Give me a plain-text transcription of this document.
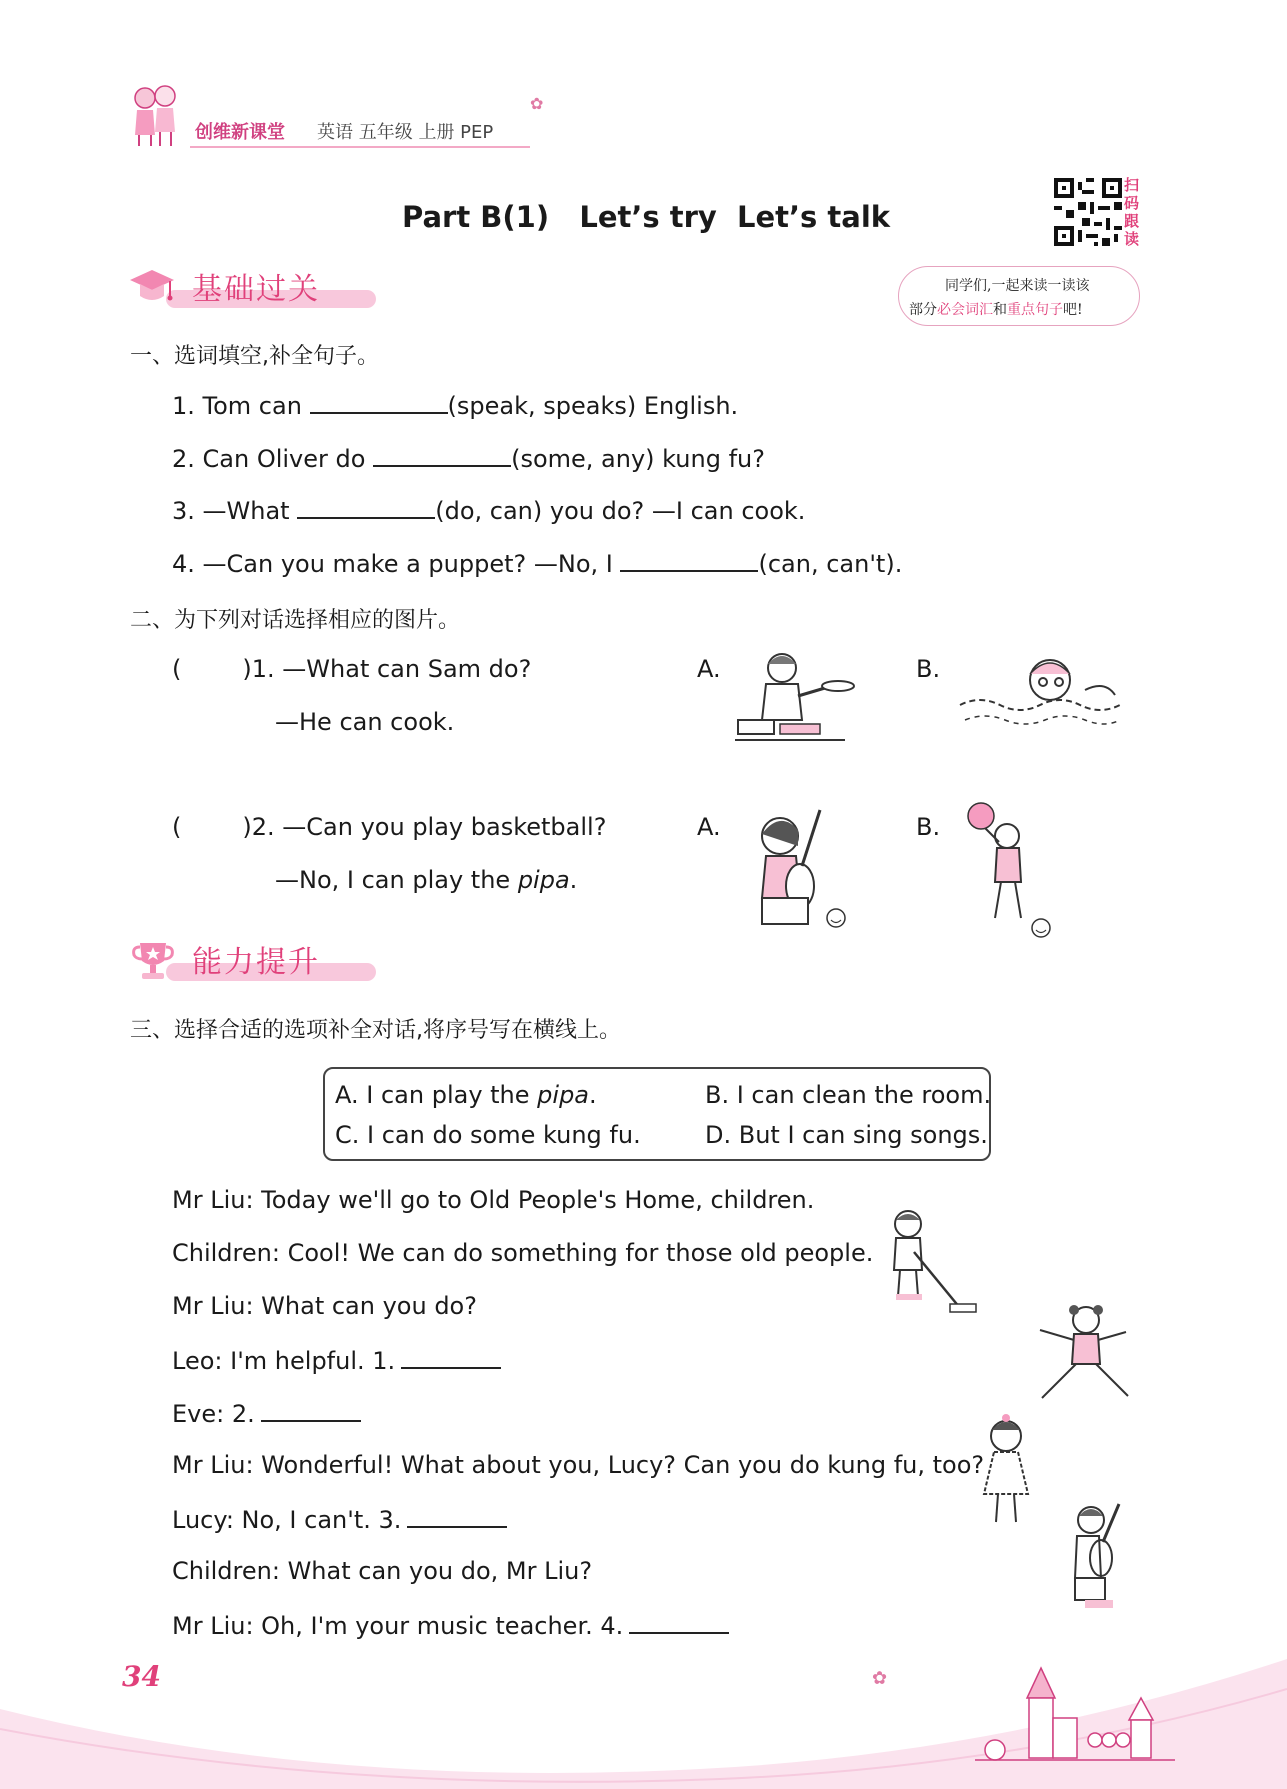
创维新课堂 英语 五年级 上册 PEP
✿
Part B(1)   Let’s try  Let’s talk
扫码跟读
同学们,一起来读一读该
部分必会词汇和重点句子吧!
基础过关
一、选词填空,补全句子。
1. Tom can	(speak, speaks) English.
2. Can Oliver do	(some, any) kung fu?
3. —What	(do, can) you do? —I can cook.
4. —Can you make a puppet? —No, I	(can, can't).
二、为下列对话选择相应的图片。
(        )1. —What can Sam do?
—He can cook.
A.	B.
(        )2. —Can you play basketball?
—No, I can play the pipa.
A.	B.
能力提升
三、选择合适的选项补全对话,将序号写在横线上。
A. I can play the pipa.	B. I can clean the room.
C. I can do some kung fu.	D. But I can sing songs.
Mr Liu: Today we'll go to Old People's Home, children.
Children: Cool! We can do something for those old people.
Mr Liu: What can you do?
Leo: I'm helpful. 1.
Eve: 2.
Mr Liu: Wonderful! What about you, Lucy? Can you do kung fu, too?
Lucy: No, I can't. 3.
Children: What can you do, Mr Liu?
Mr Liu: Oh, I'm your music teacher. 4.
✿
34
